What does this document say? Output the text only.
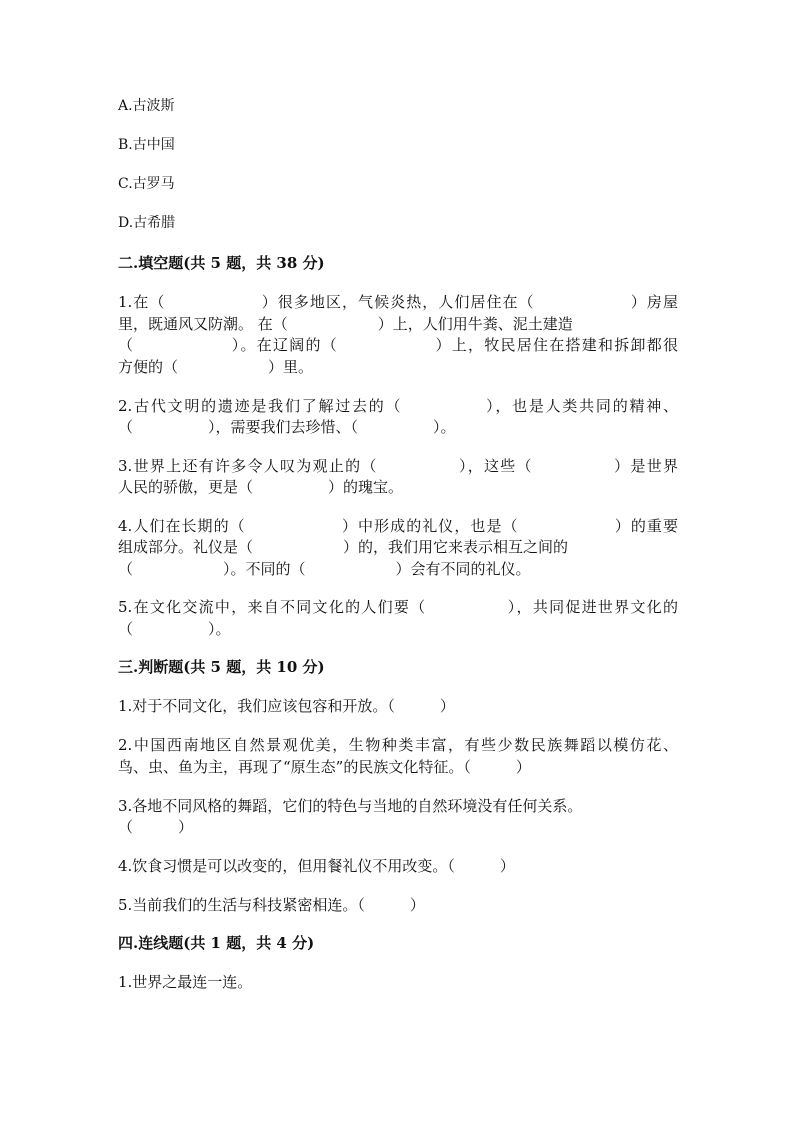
A.古波斯
B.古中国
C.古罗马
D.古希腊
二.填空题(共 5 题，共 38 分)
1.在（　　　　　　）很多地区，气候炎热，人们居住在（　　　　　　）房屋
里，既通风又防潮。 在（　　　　　　）上，人们用牛粪、泥土建造
（　　　　　　）。在辽阔的（　　　　　　）上，牧民居住在搭建和拆卸都很
方便的（　　　　　　）里。
2.古代文明的遗迹是我们了解过去的（　　　　　），也是人类共同的精神、
（　　　　　），需要我们去珍惜、（　　　　　）。
3.世界上还有许多令人叹为观止的（　　　　　），这些（　　　　　）是世界
人民的骄傲，更是（　　　　　）的瑰宝。
4.人们在长期的（　　　　　　）中形成的礼仪，也是（　　　　　　）的重要
组成部分。礼仪是（　　　　　　）的，我们用它来表示相互之间的
（　　　　　　）。不同的（　　　　　　）会有不同的礼仪。
5.在文化交流中，来自不同文化的人们要（　　　　　），共同促进世界文化的
（　　　　　）。
三.判断题(共 5 题，共 10 分)
1.对于不同文化，我们应该包容和开放。（　　　）
2.中国西南地区自然景观优美，生物种类丰富，有些少数民族舞蹈以模仿花、
鸟、虫、鱼为主，再现了“原生态”的民族文化特征。（　　　）
3.各地不同风格的舞蹈，它们的特色与当地的自然环境没有任何关系。
（　　　）
4.饮食习惯是可以改变的，但用餐礼仪不用改变。（　　　）
5.当前我们的生活与科技紧密相连。（　　　）
四.连线题(共 1 题，共 4 分)
1.世界之最连一连。
